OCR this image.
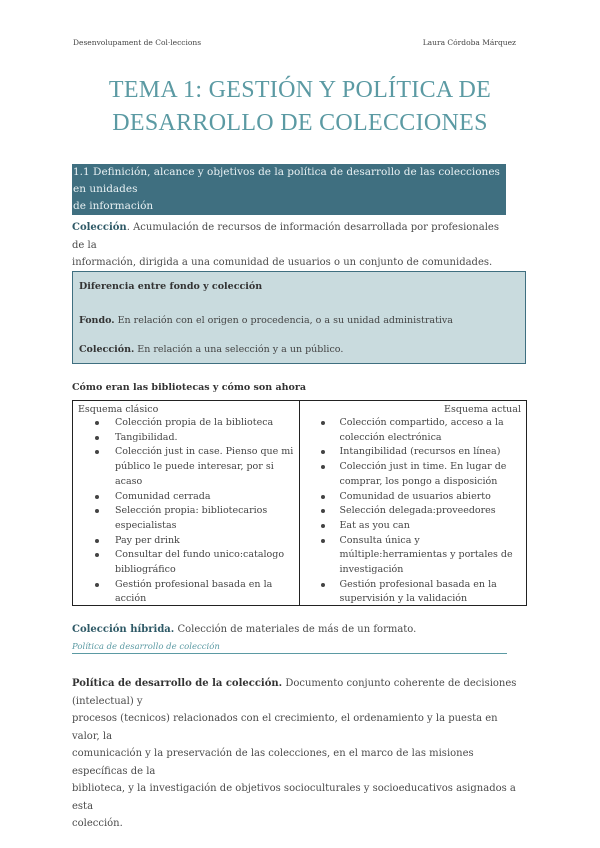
Desenvolupament de Col·leccions	Laura Córdoba Márquez
TEMA 1: GESTIÓN Y POLÍTICA DE
DESARROLLO DE COLECCIONES
1.1 Definición, alcance y objetivos de la política de desarrollo de las colecciones en unidades
de información
Colección. Acumulación de recursos de información desarrollada por profesionales de la
información, dirigida a una comunidad de usuarios o un conjunto de comunidades.
Diferencia entre fondo y colección
Fondo. En relación con el origen o procedencia, o a su unidad administrativa
Colección. En relación a una selección y a un público.
Cómo eran las bibliotecas y cómo son ahora
Esquema clásico
Colección propia de la biblioteca
Tangibilidad.
Colección just in case. Pienso que mi público le puede interesar, por si acaso
Comunidad cerrada
Selección propia: bibliotecarios especialistas
Pay per drink
Consultar del fundo unico:catalogo bibliográfico
Gestión profesional basada en la acción
Esquema actual
Colección compartido, acceso a la colección electrónica
Intangibilidad (recursos en línea)
Colección just in time. En lugar de comprar, los pongo a disposición
Comunidad de usuarios abierto
Selección delegada:proveedores
Eat as you can
Consulta única y múltiple:herramientas y portales de investigación
Gestión profesional basada en la supervisión y la validación
Colección híbrida. Colección de materiales de más de un formato.
Política de desarrollo de colección
Política de desarrollo de la colección. Documento conjunto coherente de decisiones (intelectual) y
procesos (tecnicos) relacionados con el crecimiento, el ordenamiento y la puesta en valor, la
comunicación y la preservación de las colecciones, en el marco de las misiones específicas de la
biblioteca, y la investigación de objetivos socioculturales y socioeducativos asignados a esta
colección.
